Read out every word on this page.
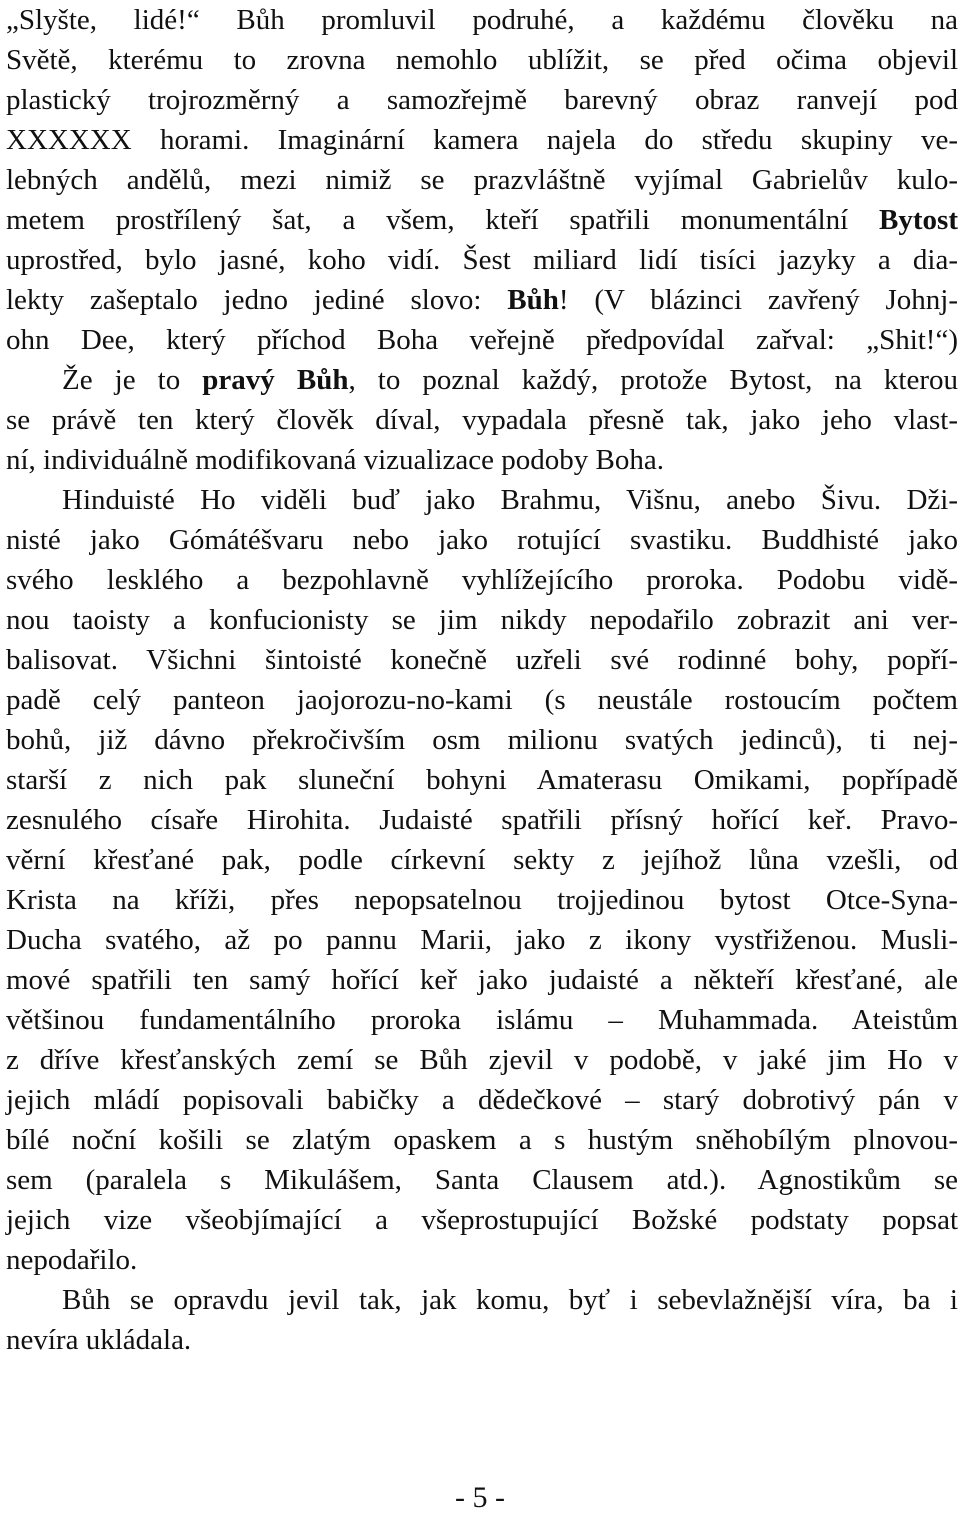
„Slyšte, lidé!“ Bůh promluvil podruhé, a každému člověku na
Světě, kterému to zrovna nemohlo ublížit, se před očima objevil
plastický trojrozměrný a samozřejmě barevný obraz ranvejí pod
XXXXXX horami. Imaginární kamera najela do středu skupiny ve-
lebných andělů, mezi nimiž se prazvláštně vyjímal Gabrielův kulo-
metem prostřílený šat, a všem, kteří spatřili monumentální Bytost
uprostřed, bylo jasné, koho vidí. Šest miliard lidí tisíci jazyky a dia-
lekty zašeptalo jedno jediné slovo: Bůh! (V blázinci zavřený Johnj-
ohn Dee, který příchod Boha veřejně předpovídal zařval: „Shit!“)
Že je to pravý Bůh, to poznal každý, protože Bytost, na kterou
se právě ten který člověk díval, vypadala přesně tak, jako jeho vlast-
ní, individuálně modifikovaná vizualizace podoby Boha.
Hinduisté Ho viděli buď jako Brahmu, Višnu, anebo Šivu. Dži-
nisté jako Gómátéšvaru nebo jako rotující svastiku. Buddhisté jako
svého lesklého a bezpohlavně vyhlížejícího proroka. Podobu vidě-
nou taoisty a konfucionisty se jim nikdy nepodařilo zobrazit ani ver-
balisovat. Všichni šintoisté konečně uzřeli své rodinné bohy, popří-
padě celý panteon jaojorozu-no-kami (s neustále rostoucím počtem
bohů, již dávno překročivším osm milionu svatých jedinců), ti nej-
starší z nich pak sluneční bohyni Amaterasu Omikami, popřípadě
zesnulého císaře Hirohita. Judaisté spatřili přísný hořící keř. Pravo-
věrní křesťané pak, podle církevní sekty z jejíhož lůna vzešli, od
Krista na kříži, přes nepopsatelnou trojjedinou bytost Otce-Syna-
Ducha svatého, až po pannu Marii, jako z ikony vystřiženou. Musli-
mové spatřili ten samý hořící keř jako judaisté a někteří křesťané, ale
většinou fundamentálního proroka islámu – Muhammada. Ateistům
z dříve křesťanských zemí se Bůh zjevil v podobě, v jaké jim Ho v
jejich mládí popisovali babičky a dědečkové – starý dobrotivý pán v
bílé noční košili se zlatým opaskem a s hustým sněhobílým plnovou-
sem (paralela s Mikulášem, Santa Clausem atd.). Agnostikům se
jejich vize všeobjímající a všeprostupující Božské podstaty popsat
nepodařilo.
Bůh se opravdu jevil tak, jak komu, byť i sebevlažnější víra, ba i
nevíra ukládala.
- 5 -
